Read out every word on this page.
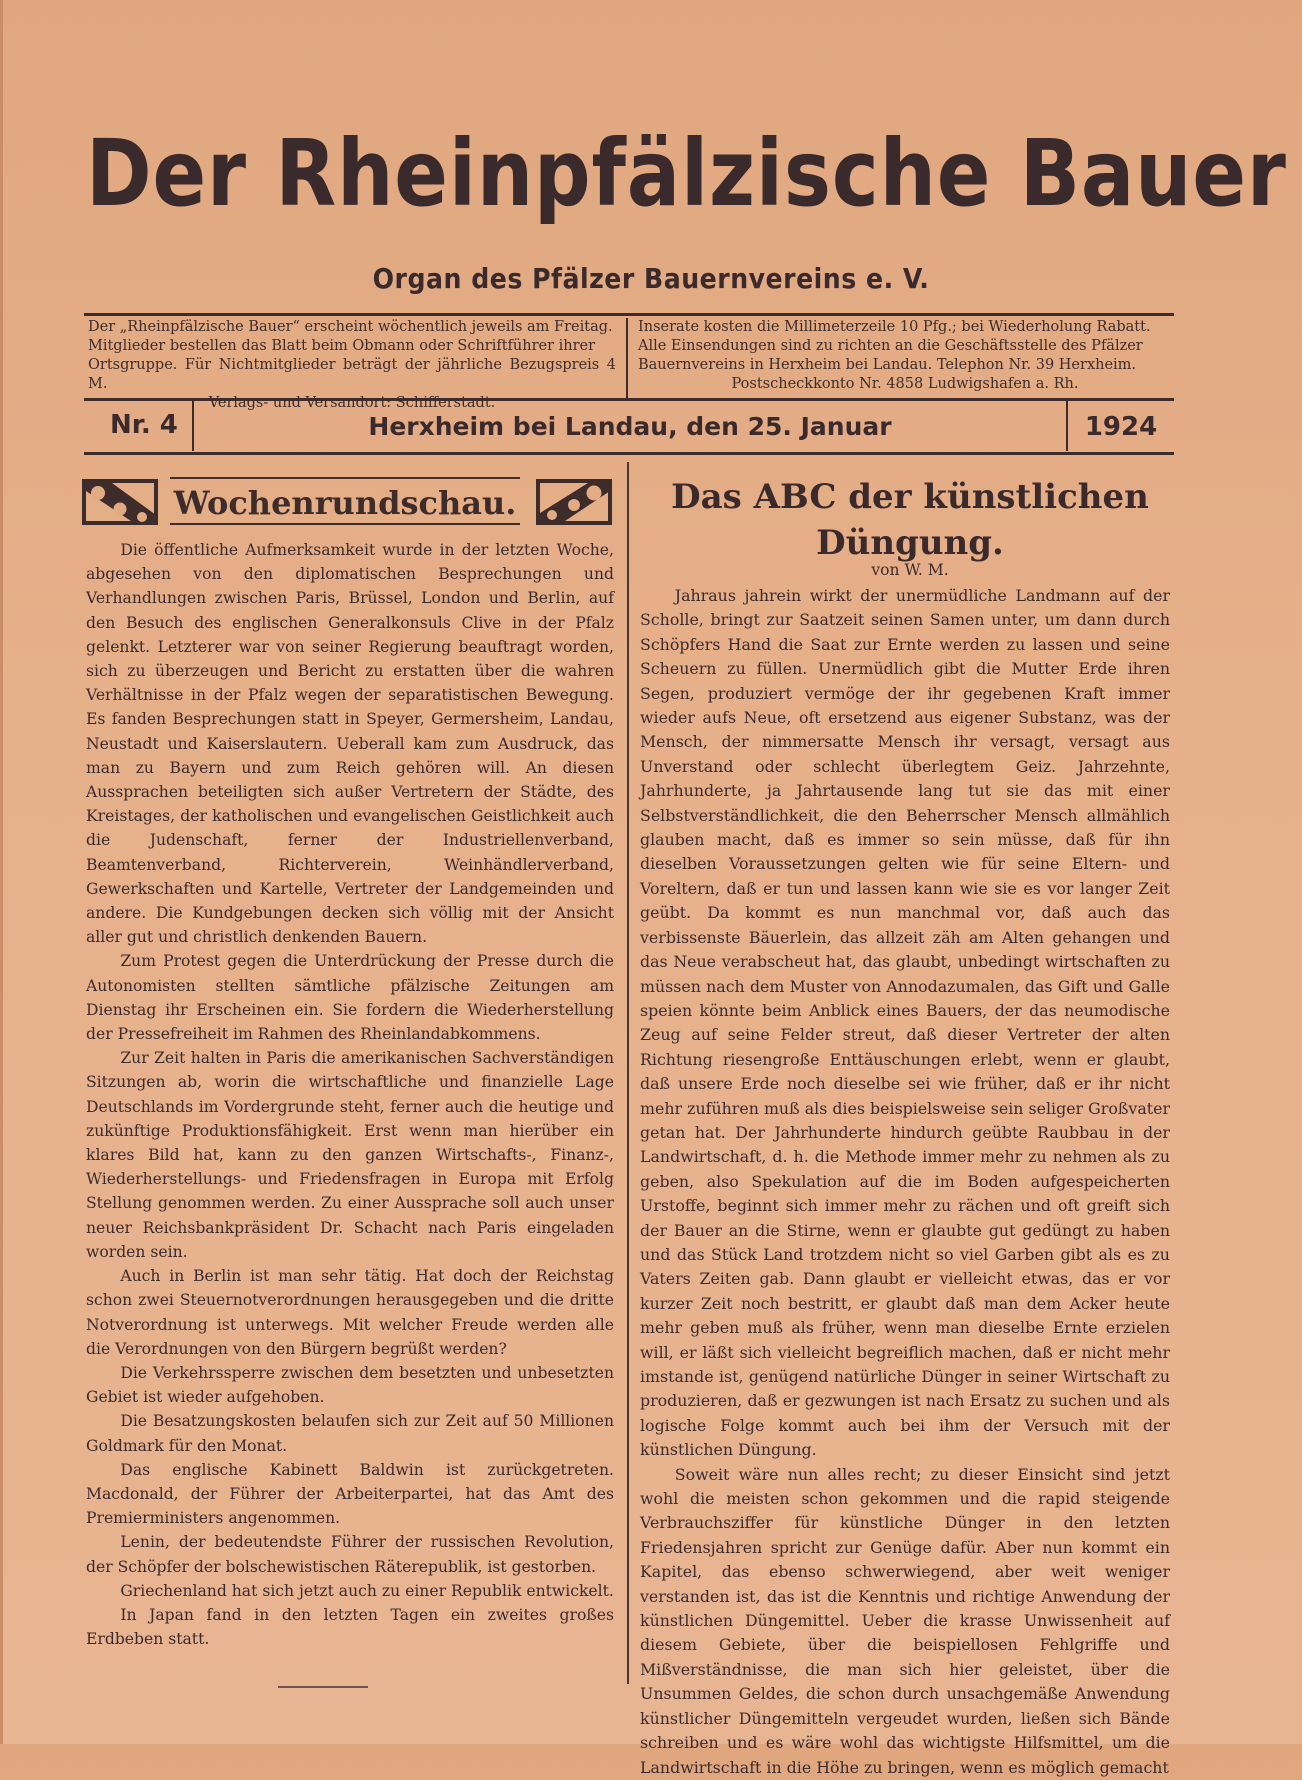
Der Rheinpfälzische Bauer
Organ des Pfälzer Bauernvereins e. V.
Der „Rheinpfälzische Bauer“ erscheint wöchentlich jeweils am Freitag.
Mitglieder bestellen das Blatt beim Obmann oder Schriftführer ihrer
Ortsgruppe. Für Nichtmitglieder beträgt der jährliche Bezugspreis 4 M.
Verlags- und Versandort: Schifferstadt.
Inserate kosten die Millimeterzeile 10 Pfg.; bei Wiederholung Rabatt.
Alle Einsendungen sind zu richten an die Geschäftsstelle des Pfälzer
Bauernvereins in Herxheim bei Landau. Telephon Nr. 39 Herxheim.
Postscheckkonto Nr. 4858 Ludwigshafen a. Rh.
Nr. 4	Herxheim bei Landau, den 25. Januar	1924
Wochenrundschau.

Die öffentliche Aufmerksamkeit wurde in der letzten Woche, abgesehen von den diplomatischen Besprechungen und Verhandlungen zwischen Paris, Brüssel, London und Berlin, auf den Besuch des englischen Generalkonsuls Clive in der Pfalz gelenkt. Letzterer war von seiner Regierung beauftragt worden, sich zu überzeugen und Bericht zu erstatten über die wahren Verhältnisse in der Pfalz wegen der separatistischen Bewegung. Es fanden Besprechungen statt in Speyer, Germersheim, Landau, Neustadt und Kaiserslautern. Ueberall kam zum Ausdruck, das man zu Bayern und zum Reich gehören will. An diesen Aussprachen beteiligten sich außer Vertretern der Städte, des Kreistages, der katholischen und evangelischen Geistlichkeit auch die Judenschaft, ferner der Industriellenverband, Beamtenverband, Richterverein, Weinhändlerverband, Gewerkschaften und Kartelle, Vertreter der Landgemeinden und andere. Die Kundgebungen decken sich völlig mit der Ansicht aller gut und christlich denkenden Bauern.

Zum Protest gegen die Unterdrückung der Presse durch die Autonomisten stellten sämtliche pfälzische Zeitungen am Dienstag ihr Erscheinen ein. Sie fordern die Wiederherstellung der Pressefreiheit im Rahmen des Rheinlandabkommens.

Zur Zeit halten in Paris die amerikanischen Sachverständigen Sitzungen ab, worin die wirtschaftliche und finanzielle Lage Deutschlands im Vordergrunde steht, ferner auch die heutige und zukünftige Produktionsfähigkeit. Erst wenn man hierüber ein klares Bild hat, kann zu den ganzen Wirtschafts-, Finanz-, Wiederherstellungs- und Friedensfragen in Europa mit Erfolg Stellung genommen werden. Zu einer Aussprache soll auch unser neuer Reichsbankpräsident Dr. Schacht nach Paris eingeladen worden sein.

Auch in Berlin ist man sehr tätig. Hat doch der Reichstag schon zwei Steuernotverordnungen herausgegeben und die dritte Notverordnung ist unterwegs. Mit welcher Freude werden alle die Verordnungen von den Bürgern begrüßt werden?

Die Verkehrssperre zwischen dem besetzten und unbesetzten Gebiet ist wieder aufgehoben.

Die Besatzungskosten belaufen sich zur Zeit auf 50 Millionen Goldmark für den Monat.

Das englische Kabinett Baldwin ist zurückgetreten. Macdonald, der Führer der Arbeiterpartei, hat das Amt des Premierministers angenommen.

Lenin, der bedeutendste Führer der russischen Revolution, der Schöpfer der bolschewistischen Räterepublik, ist gestorben.

Griechenland hat sich jetzt auch zu einer Republik entwickelt.

In Japan fand in den letzten Tagen ein zweites großes Erdbeben statt.

Das ABC der künstlichen
Düngung.
von W. M.

Jahraus jahrein wirkt der unermüdliche Landmann auf der Scholle, bringt zur Saatzeit seinen Samen unter, um dann durch Schöpfers Hand die Saat zur Ernte werden zu lassen und seine Scheuern zu füllen. Unermüdlich gibt die Mutter Erde ihren Segen, produziert vermöge der ihr gegebenen Kraft immer wieder aufs Neue, oft ersetzend aus eigener Substanz, was der Mensch, der nimmersatte Mensch ihr versagt, versagt aus Unverstand oder schlecht überlegtem Geiz. Jahrzehnte, Jahrhunderte, ja Jahrtausende lang tut sie das mit einer Selbstverständlichkeit, die den Beherrscher Mensch allmählich glauben macht, daß es immer so sein müsse, daß für ihn dieselben Voraussetzungen gelten wie für seine Eltern- und Voreltern, daß er tun und lassen kann wie sie es vor langer Zeit geübt. Da kommt es nun manchmal vor, daß auch das verbissenste Bäuerlein, das allzeit zäh am Alten gehangen und das Neue verabscheut hat, das glaubt, unbedingt wirtschaften zu müssen nach dem Muster von Annodazumalen, das Gift und Galle speien könnte beim Anblick eines Bauers, der das neumodische Zeug auf seine Felder streut, daß dieser Vertreter der alten Richtung riesengroße Enttäuschungen erlebt, wenn er glaubt, daß unsere Erde noch dieselbe sei wie früher, daß er ihr nicht mehr zuführen muß als dies beispielsweise sein seliger Großvater getan hat. Der Jahrhunderte hindurch geübte Raubbau in der Landwirtschaft, d. h. die Methode immer mehr zu nehmen als zu geben, also Spekulation auf die im Boden aufgespeicherten Urstoffe, beginnt sich immer mehr zu rächen und oft greift sich der Bauer an die Stirne, wenn er glaubte gut gedüngt zu haben und das Stück Land trotzdem nicht so viel Garben gibt als es zu Vaters Zeiten gab. Dann glaubt er vielleicht etwas, das er vor kurzer Zeit noch bestritt, er glaubt daß man dem Acker heute mehr geben muß als früher, wenn man dieselbe Ernte erzielen will, er läßt sich vielleicht begreiflich machen, daß er nicht mehr imstande ist, genügend natürliche Dünger in seiner Wirtschaft zu produzieren, daß er gezwungen ist nach Ersatz zu suchen und als logische Folge kommt auch bei ihm der Versuch mit der künstlichen Düngung.

Soweit wäre nun alles recht; zu dieser Einsicht sind jetzt wohl die meisten schon gekommen und die rapid steigende Verbrauchsziffer für künstliche Dünger in den letzten Friedensjahren spricht zur Genüge dafür. Aber nun kommt ein Kapitel, das ebenso schwerwiegend, aber weit weniger verstanden ist, das ist die Kenntnis und richtige Anwendung der künstlichen Düngemittel. Ueber die krasse Unwissenheit auf diesem Gebiete, über die beispiellosen Fehlgriffe und Mißverständnisse, die man sich hier geleistet, über die Unsummen Geldes, die schon durch unsachgemäße Anwendung künstlicher Düngemitteln vergeudet wurden, ließen sich Bände schreiben und es wäre wohl das wichtigste Hilfsmittel, um die Landwirtschaft in die Höhe zu bringen, wenn es möglich gemacht
